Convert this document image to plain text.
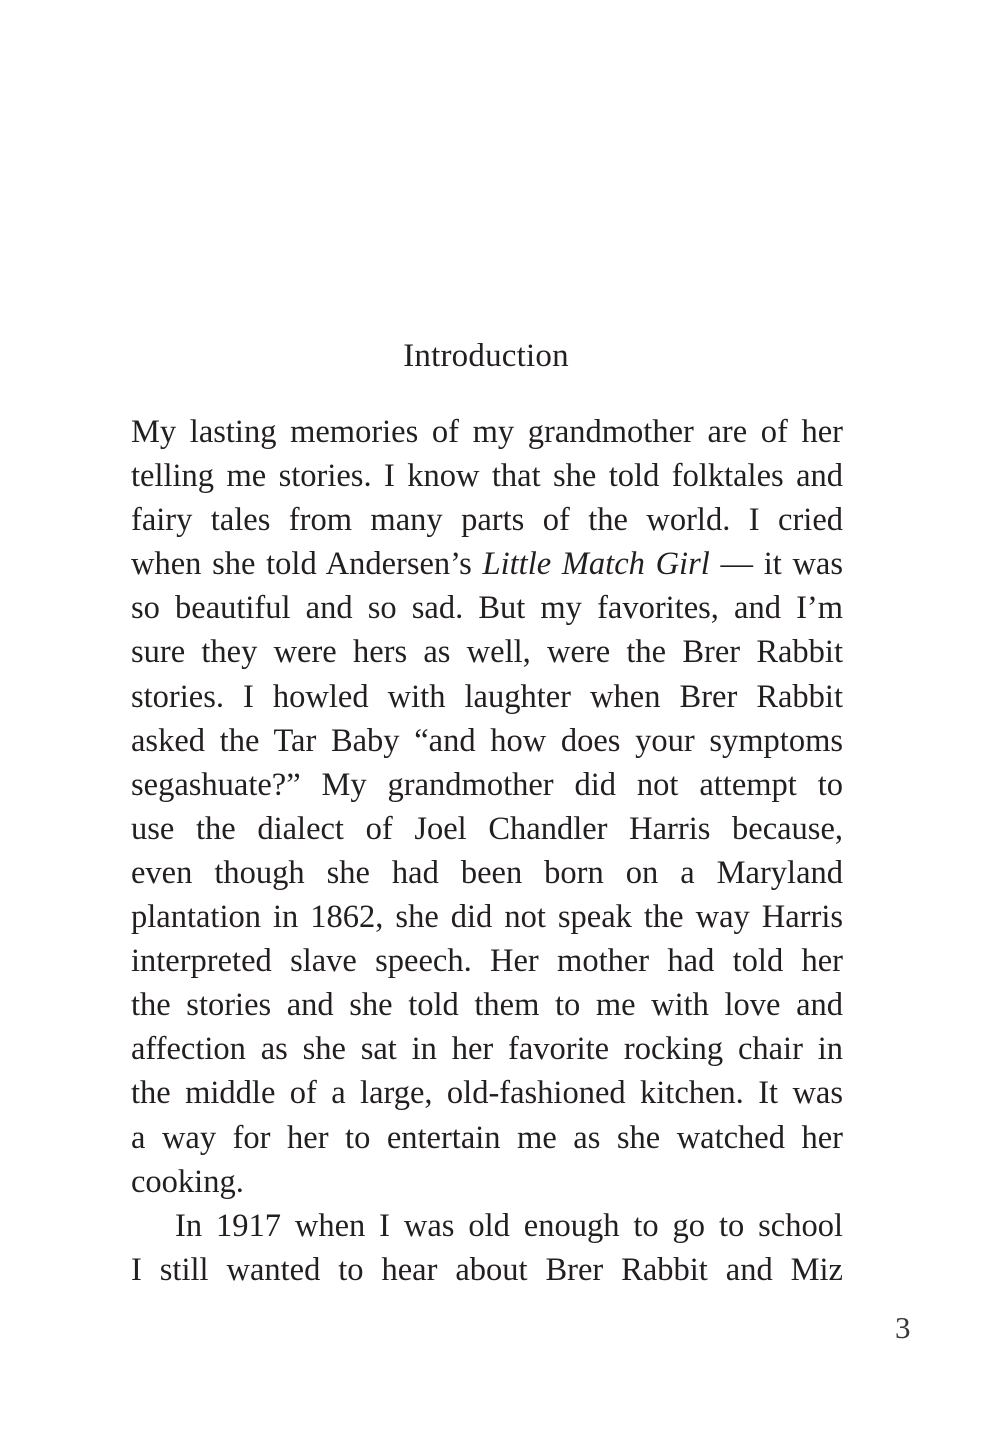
Introduction
My lasting memories of my grandmother are of her
telling me stories. I know that she told folktales and
fairy tales from many parts of the world. I cried
when she told Andersen’s Little Match Girl — it was
so beautiful and so sad. But my favorites, and I’m
sure they were hers as well, were the Brer Rabbit
stories. I howled with laughter when Brer Rabbit
asked the Tar Baby “and how does your symptoms
segashuate?” My grandmother did not attempt to
use the dialect of Joel Chandler Harris because,
even though she had been born on a Maryland
plantation in 1862, she did not speak the way Harris
interpreted slave speech. Her mother had told her
the stories and she told them to me with love and
affection as she sat in her favorite rocking chair in
the middle of a large, old-fashioned kitchen. It was
a way for her to entertain me as she watched her
cooking.
In 1917 when I was old enough to go to school
I still wanted to hear about Brer Rabbit and Miz
3
